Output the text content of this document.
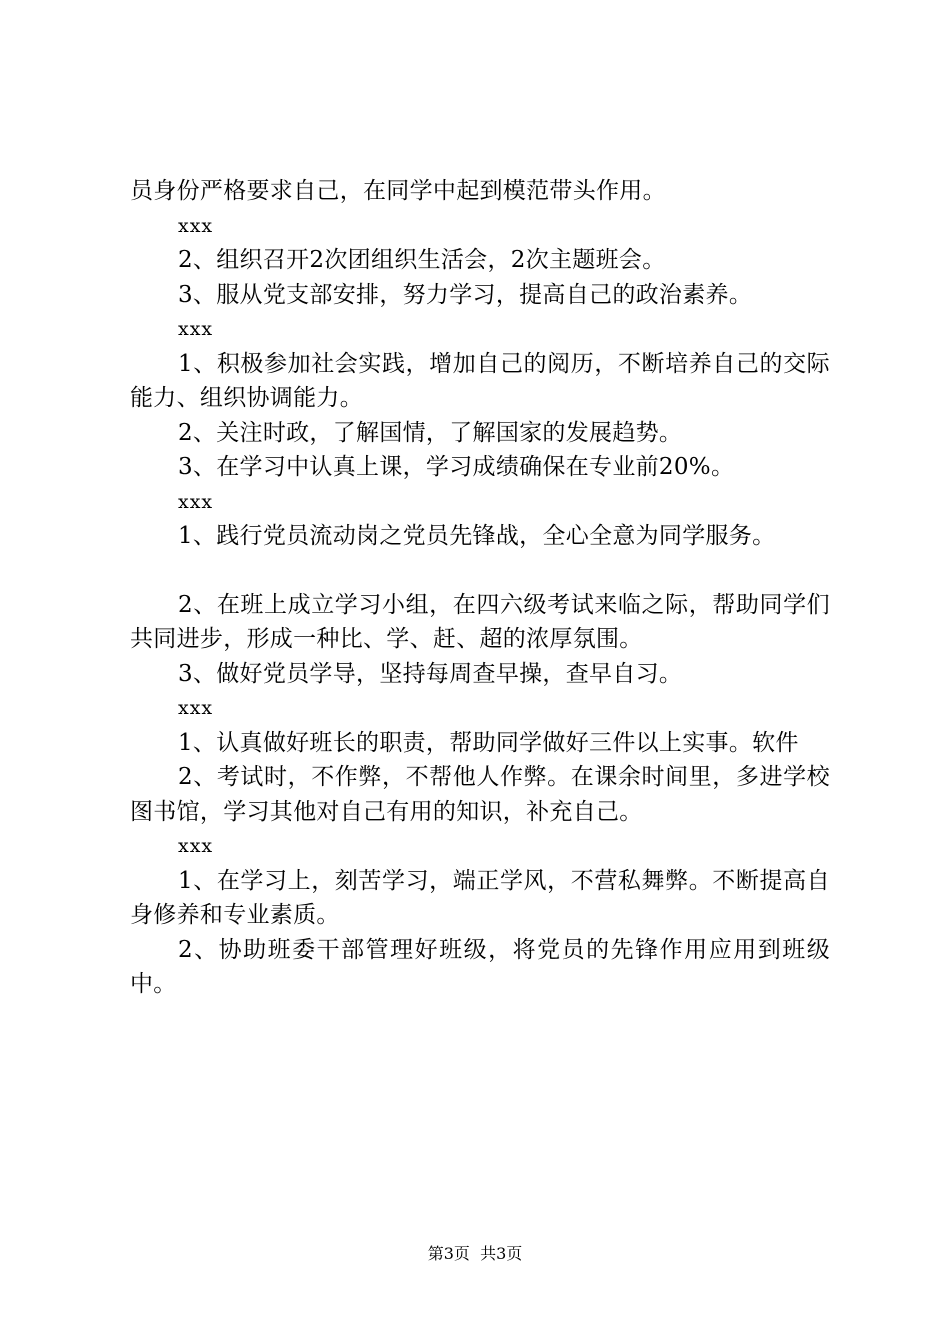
员身份严格要求自己，在同学中起到模范带头作用。

xxx

2、组织召开2次团组织生活会，2次主题班会。

3、服从党支部安排，努力学习，提高自己的政治素养。

xxx

1、积极参加社会实践，增加自己的阅历，不断培养自己的交际能力、组织协调能力。

2、关注时政，了解国情，了解国家的发展趋势。

3、在学习中认真上课，学习成绩确保在专业前20%。

xxx

1、践行党员流动岗之党员先锋战，全心全意为同学服务。

2、在班上成立学习小组，在四六级考试来临之际，帮助同学们共同进步，形成一种比、学、赶、超的浓厚氛围。

3、做好党员学导，坚持每周查早操，查早自习。

xxx

1、认真做好班长的职责，帮助同学做好三件以上实事。软件

2、考试时，不作弊，不帮他人作弊。在课余时间里，多进学校图书馆，学习其他对自己有用的知识，补充自己。

xxx

1、在学习上，刻苦学习，端正学风，不营私舞弊。不断提高自身修养和专业素质。

2、协助班委干部管理好班级，将党员的先锋作用应用到班级中。

第3页  共3页
